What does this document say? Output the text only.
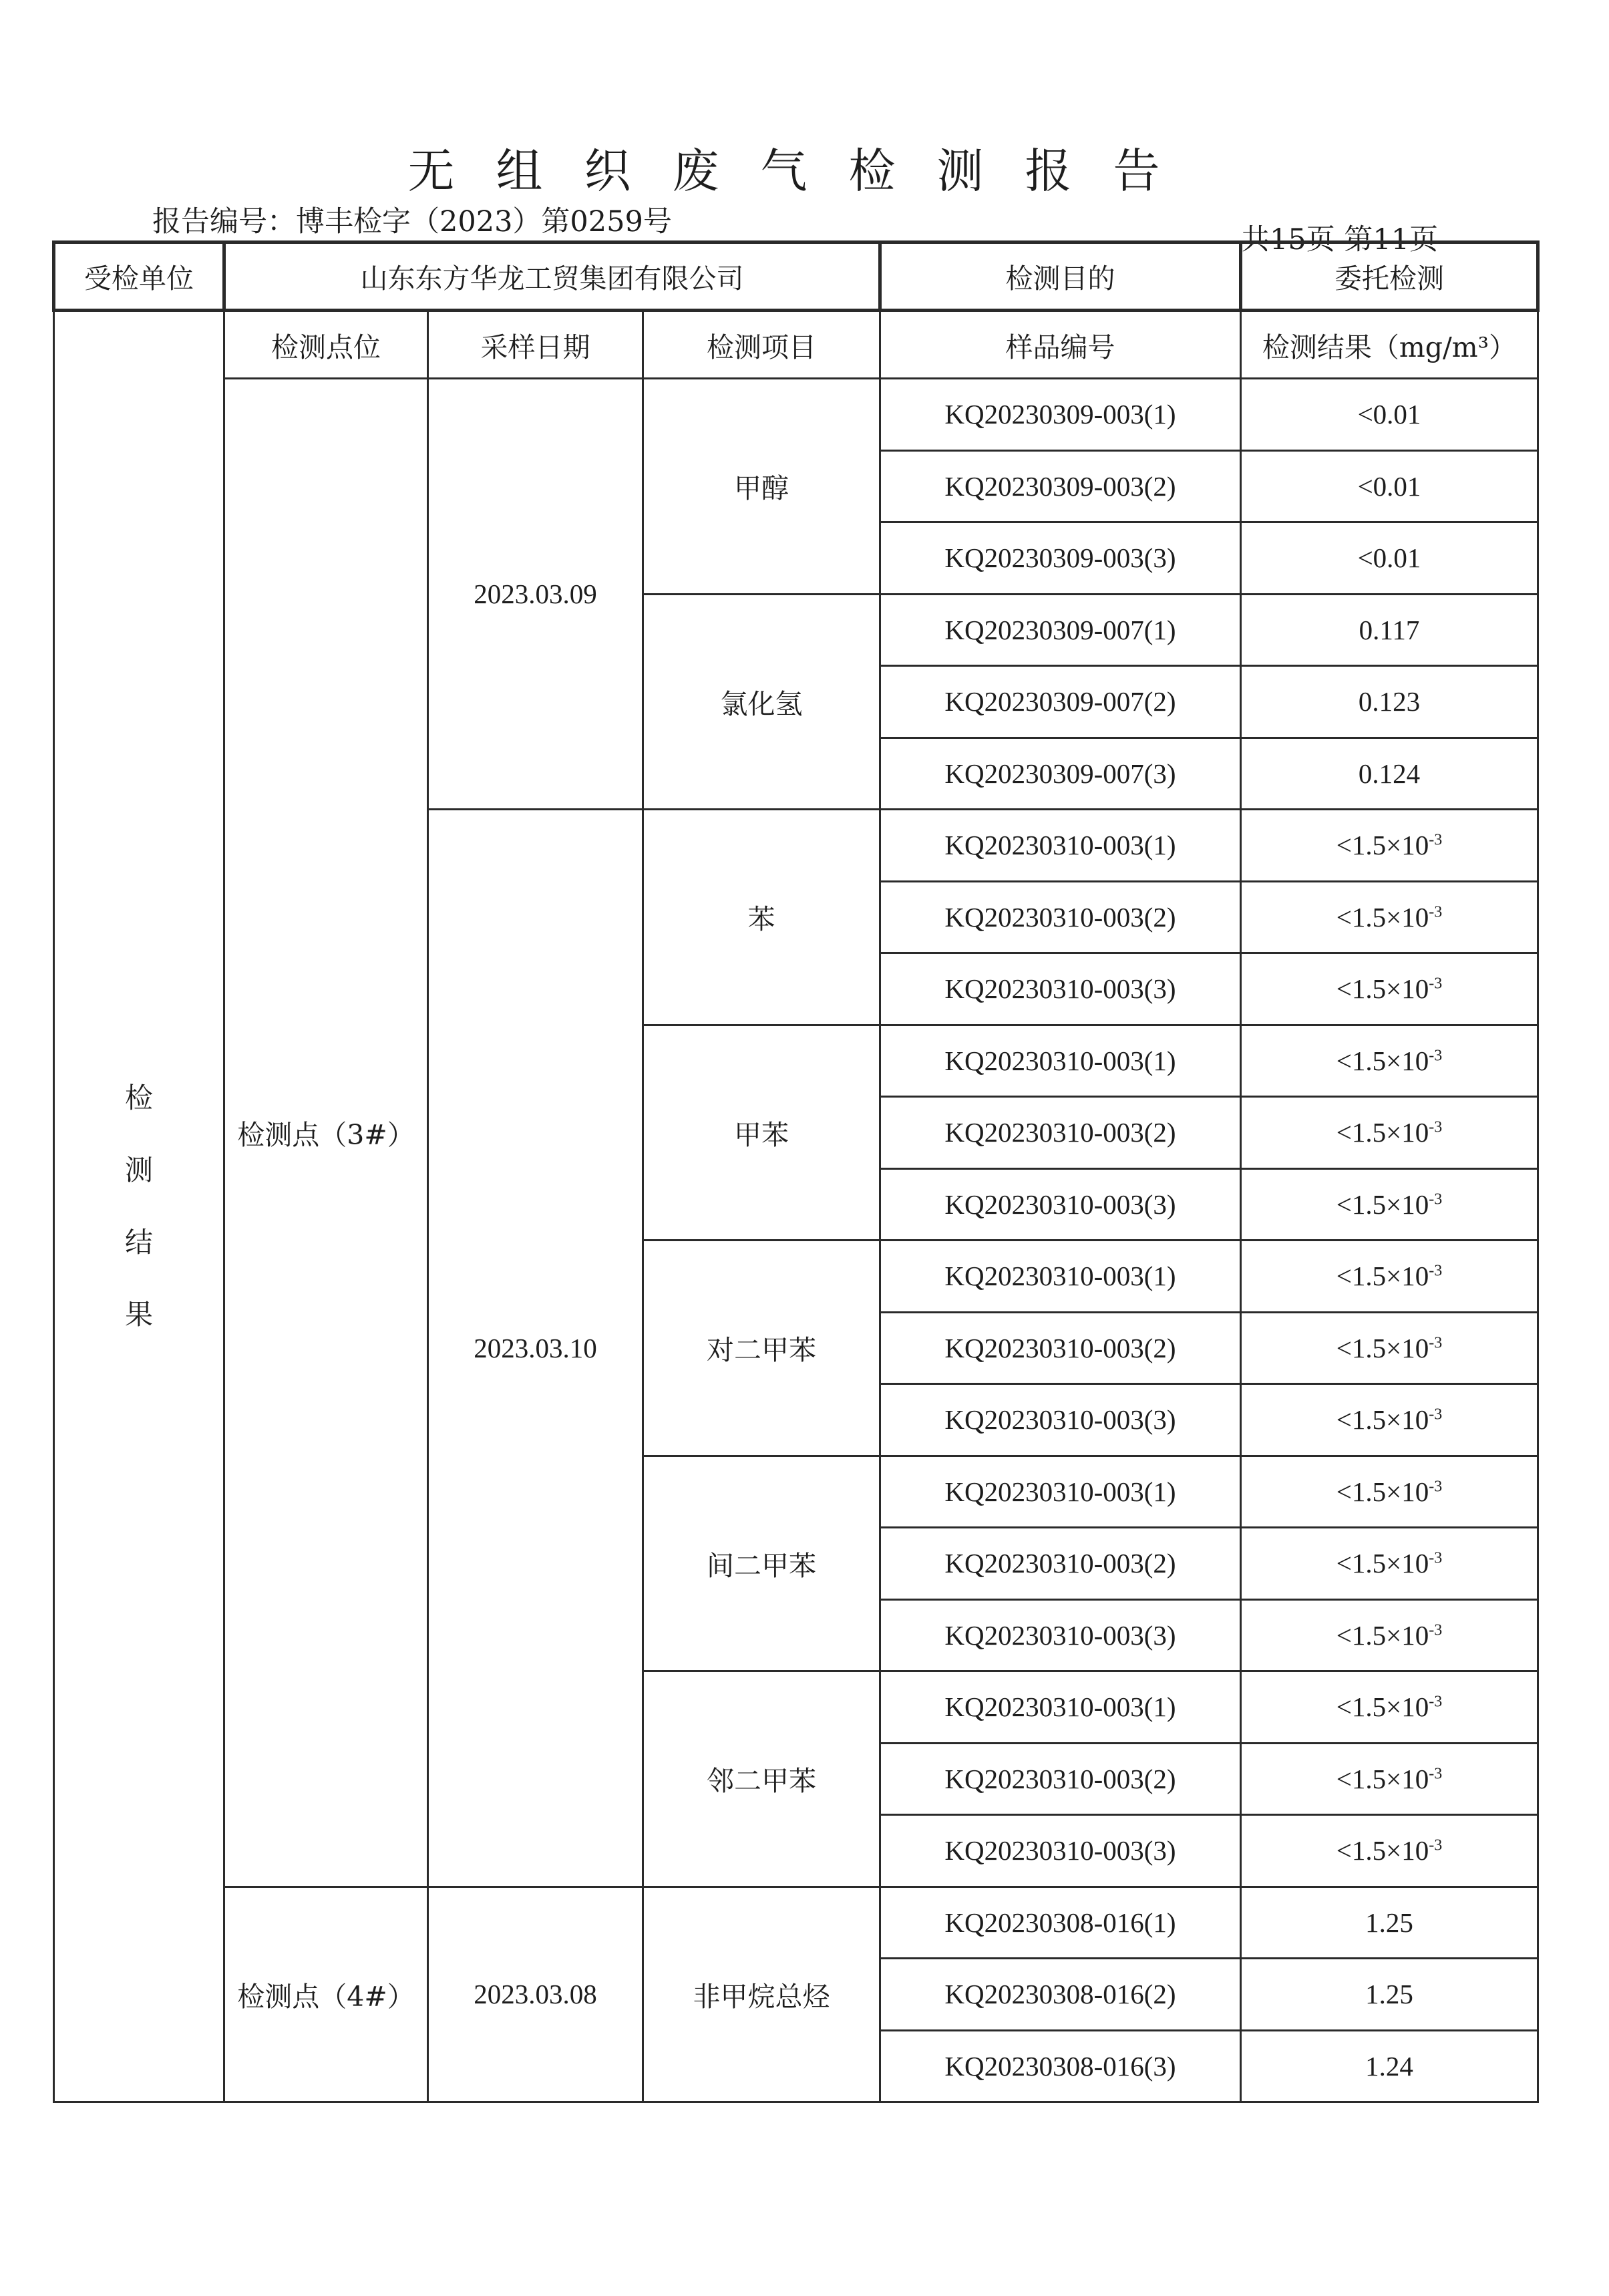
无组织废气检测报告
报告编号：博丰检字（2023）第0259号
共15页 第11页
受检单位	山东东方华龙工贸集团有限公司			检测目的	委托检测
检测结果	检测点位	采样日期	检测项目	样品编号	检测结果（mg/m³）
	检测点（3#）	2023.03.09	甲醇	KQ20230309-003(1)	<0.01
				KQ20230309-003(2)	<0.01
				KQ20230309-003(3)	<0.01
			氯化氢	KQ20230309-007(1)	0.117
				KQ20230309-007(2)	0.123
				KQ20230309-007(3)	0.124
		2023.03.10	苯	KQ20230310-003(1)	$<1.5\times 10^{-3}$
				KQ20230310-003(2)	$<1.5\times 10^{-3}$
				KQ20230310-003(3)	$<1.5\times 10^{-3}$
			甲苯	KQ20230310-003(1)	$<1.5\times 10^{-3}$
				KQ20230310-003(2)	$<1.5\times 10^{-3}$
				KQ20230310-003(3)	$<1.5\times 10^{-3}$
			对二甲苯	KQ20230310-003(1)	$<1.5\times 10^{-3}$
				KQ20230310-003(2)	$<1.5\times 10^{-3}$
				KQ20230310-003(3)	$<1.5\times 10^{-3}$
			间二甲苯	KQ20230310-003(1)	$<1.5\times 10^{-3}$
				KQ20230310-003(2)	$<1.5\times 10^{-3}$
				KQ20230310-003(3)	$<1.5\times 10^{-3}$
			邻二甲苯	KQ20230310-003(1)	$<1.5\times 10^{-3}$
				KQ20230310-003(2)	$<1.5\times 10^{-3}$
				KQ20230310-003(3)	$<1.5\times 10^{-3}$
	检测点（4#）	2023.03.08	非甲烷总烃	KQ20230308-016(1)	1.25
				KQ20230308-016(2)	1.25
				KQ20230308-016(3)	1.24
